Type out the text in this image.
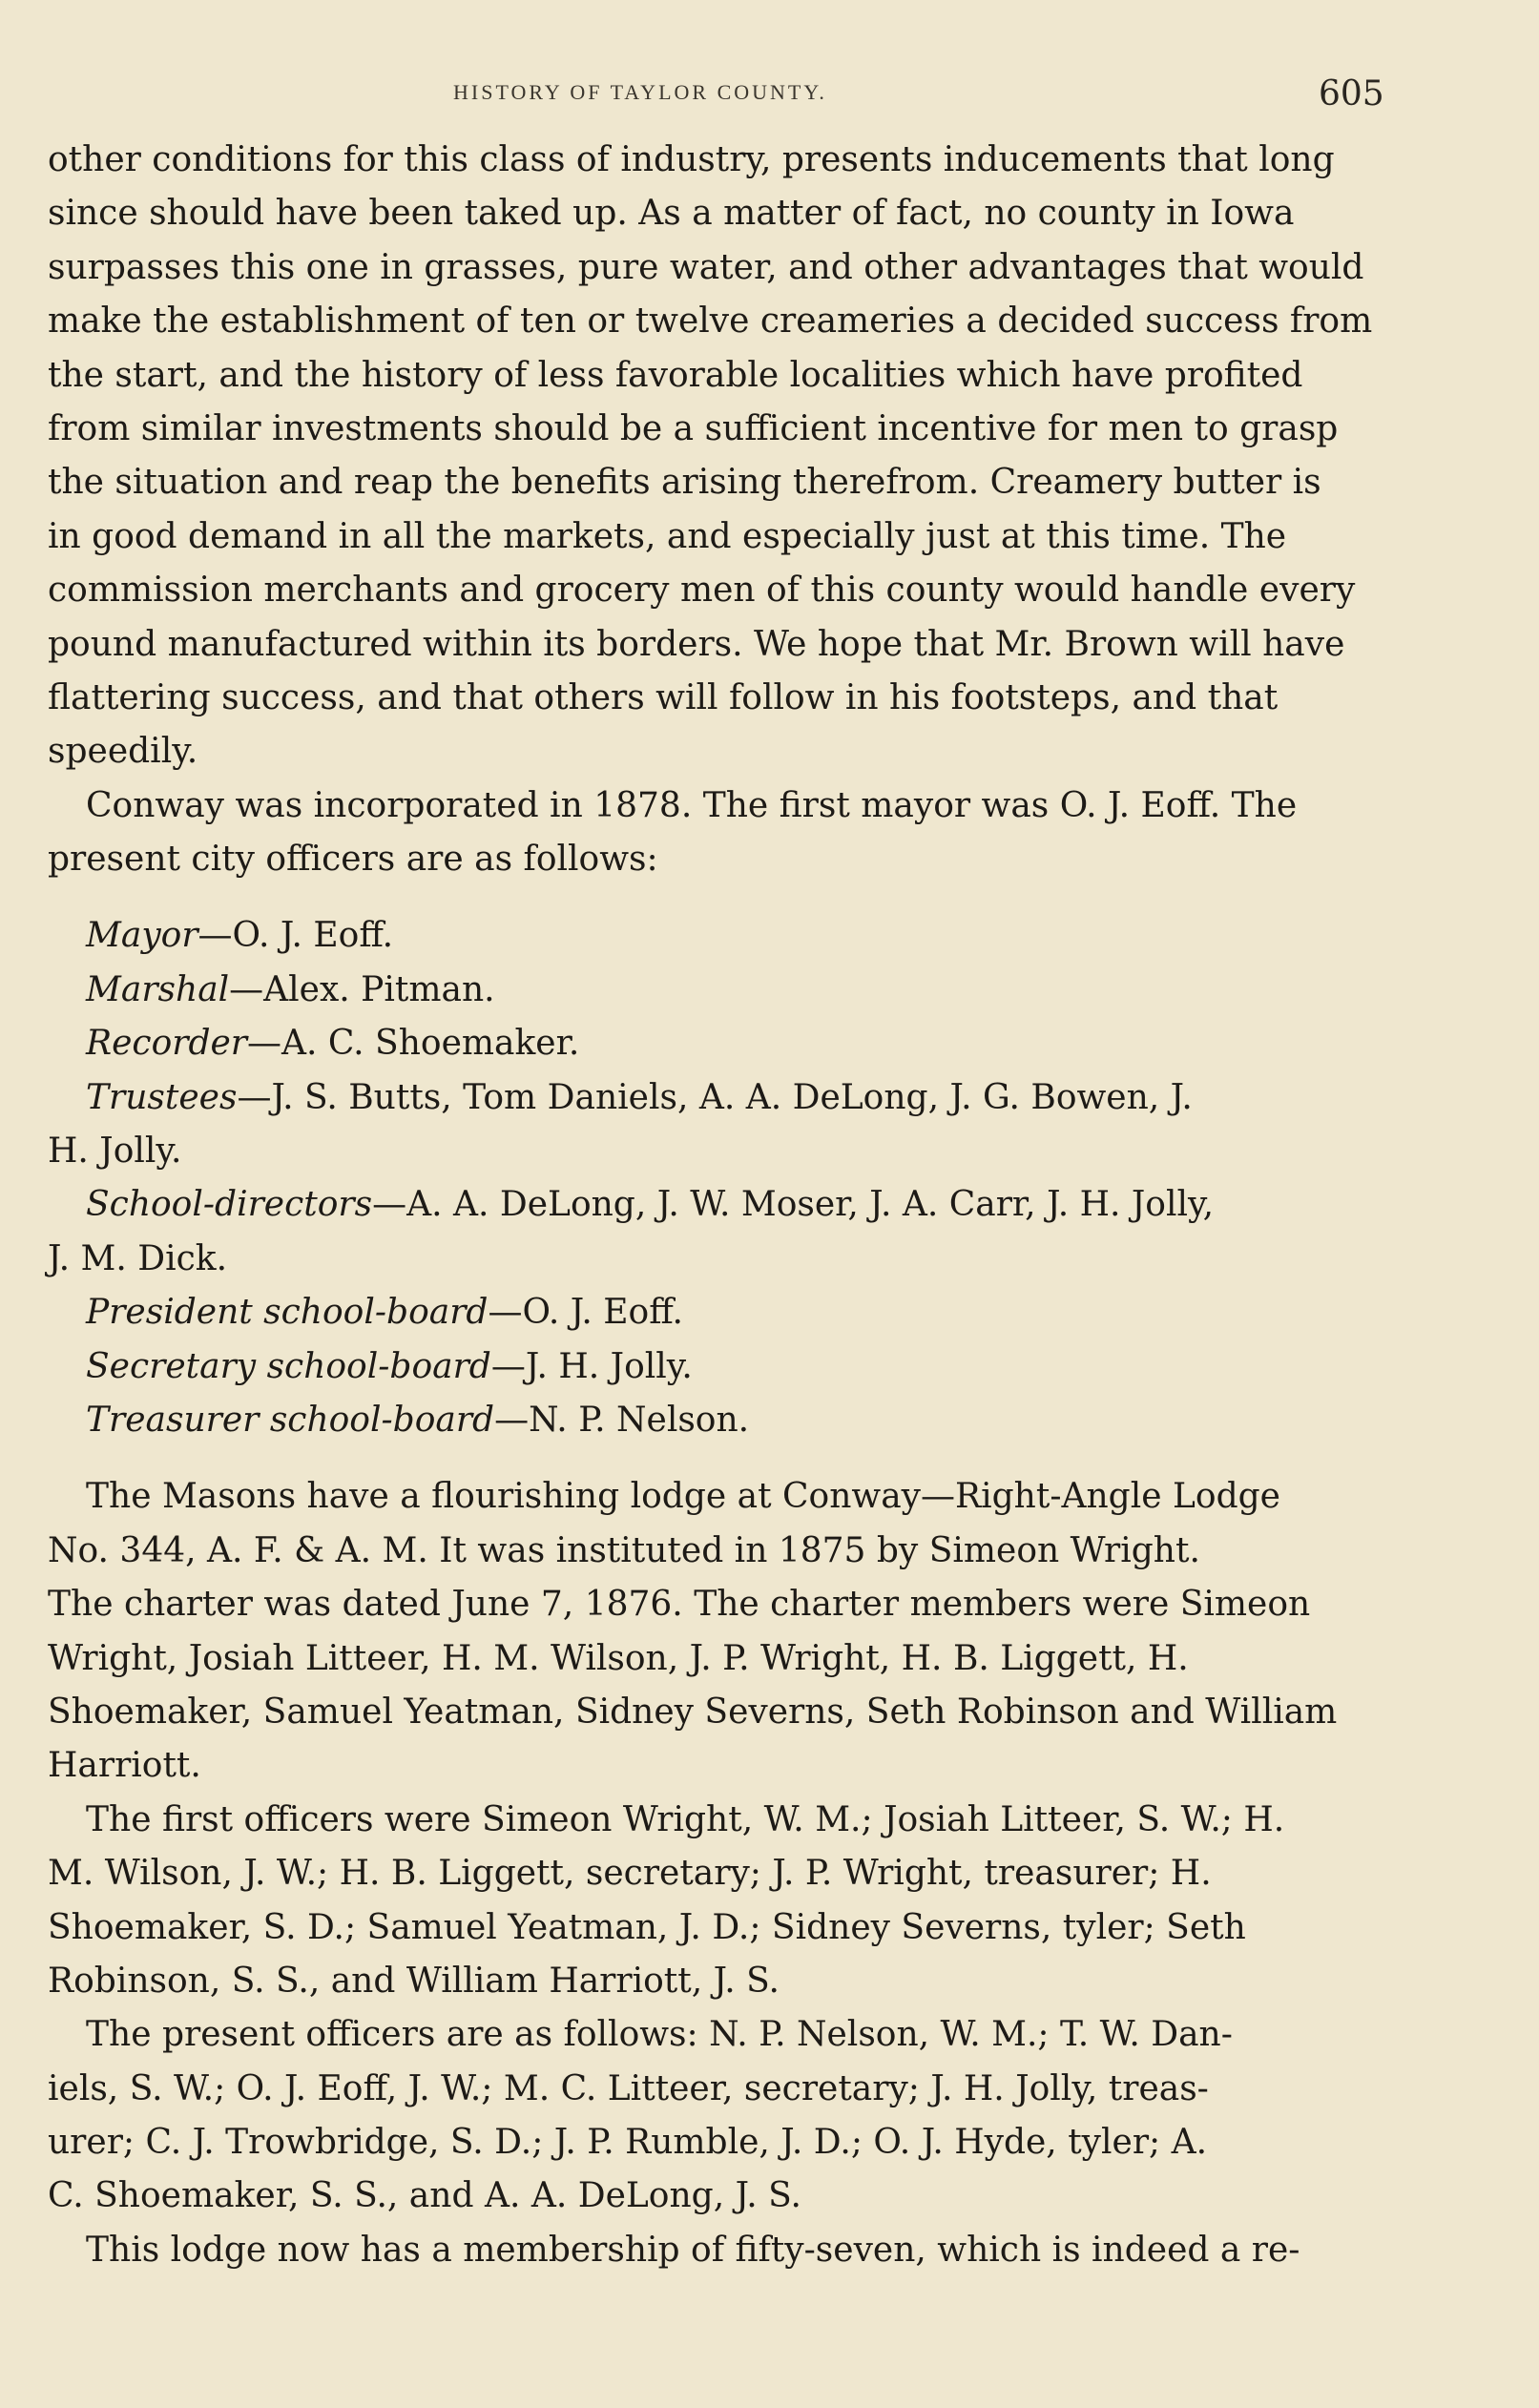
HISTORY OF TAYLOR COUNTY.	605
other conditions for this class of industry, presents inducements that long
since should have been taked up. As a matter of fact, no county in Iowa
surpasses this one in grasses, pure water, and other advantages that would
make the establishment of ten or twelve creameries a decided success from
the start, and the history of less favorable localities which have profited
from similar investments should be a sufficient incentive for men to grasp
the situation and reap the benefits arising therefrom. Creamery butter is
in good demand in all the markets, and especially just at this time. The
commission merchants and grocery men of this county would handle every
pound manufactured within its borders. We hope that Mr. Brown will have
flattering success, and that others will follow in his footsteps, and that
speedily.
Conway was incorporated in 1878. The first mayor was O. J. Eoff. The
present city officers are as follows:
Mayor—O. J. Eoff.
Marshal—Alex. Pitman.
Recorder—A. C. Shoemaker.
Trustees—J. S. Butts, Tom Daniels, A. A. DeLong, J. G. Bowen, J.
H. Jolly.
School-directors—A. A. DeLong, J. W. Moser, J. A. Carr, J. H. Jolly,
J. M. Dick.
President school-board—O. J. Eoff.
Secretary school-board—J. H. Jolly.
Treasurer school-board—N. P. Nelson.
The Masons have a flourishing lodge at Conway—Right-Angle Lodge
No. 344, A. F. & A. M. It was instituted in 1875 by Simeon Wright.
The charter was dated June 7, 1876. The charter members were Simeon
Wright, Josiah Litteer, H. M. Wilson, J. P. Wright, H. B. Liggett, H.
Shoemaker, Samuel Yeatman, Sidney Severns, Seth Robinson and William
Harriott.
The first officers were Simeon Wright, W. M.; Josiah Litteer, S. W.; H.
M. Wilson, J. W.; H. B. Liggett, secretary; J. P. Wright, treasurer; H.
Shoemaker, S. D.; Samuel Yeatman, J. D.; Sidney Severns, tyler; Seth
Robinson, S. S., and William Harriott, J. S.
The present officers are as follows: N. P. Nelson, W. M.; T. W. Dan-
iels, S. W.; O. J. Eoff, J. W.; M. C. Litteer, secretary; J. H. Jolly, treas-
urer; C. J. Trowbridge, S. D.; J. P. Rumble, J. D.; O. J. Hyde, tyler; A.
C. Shoemaker, S. S., and A. A. DeLong, J. S.
This lodge now has a membership of fifty-seven, which is indeed a re-
